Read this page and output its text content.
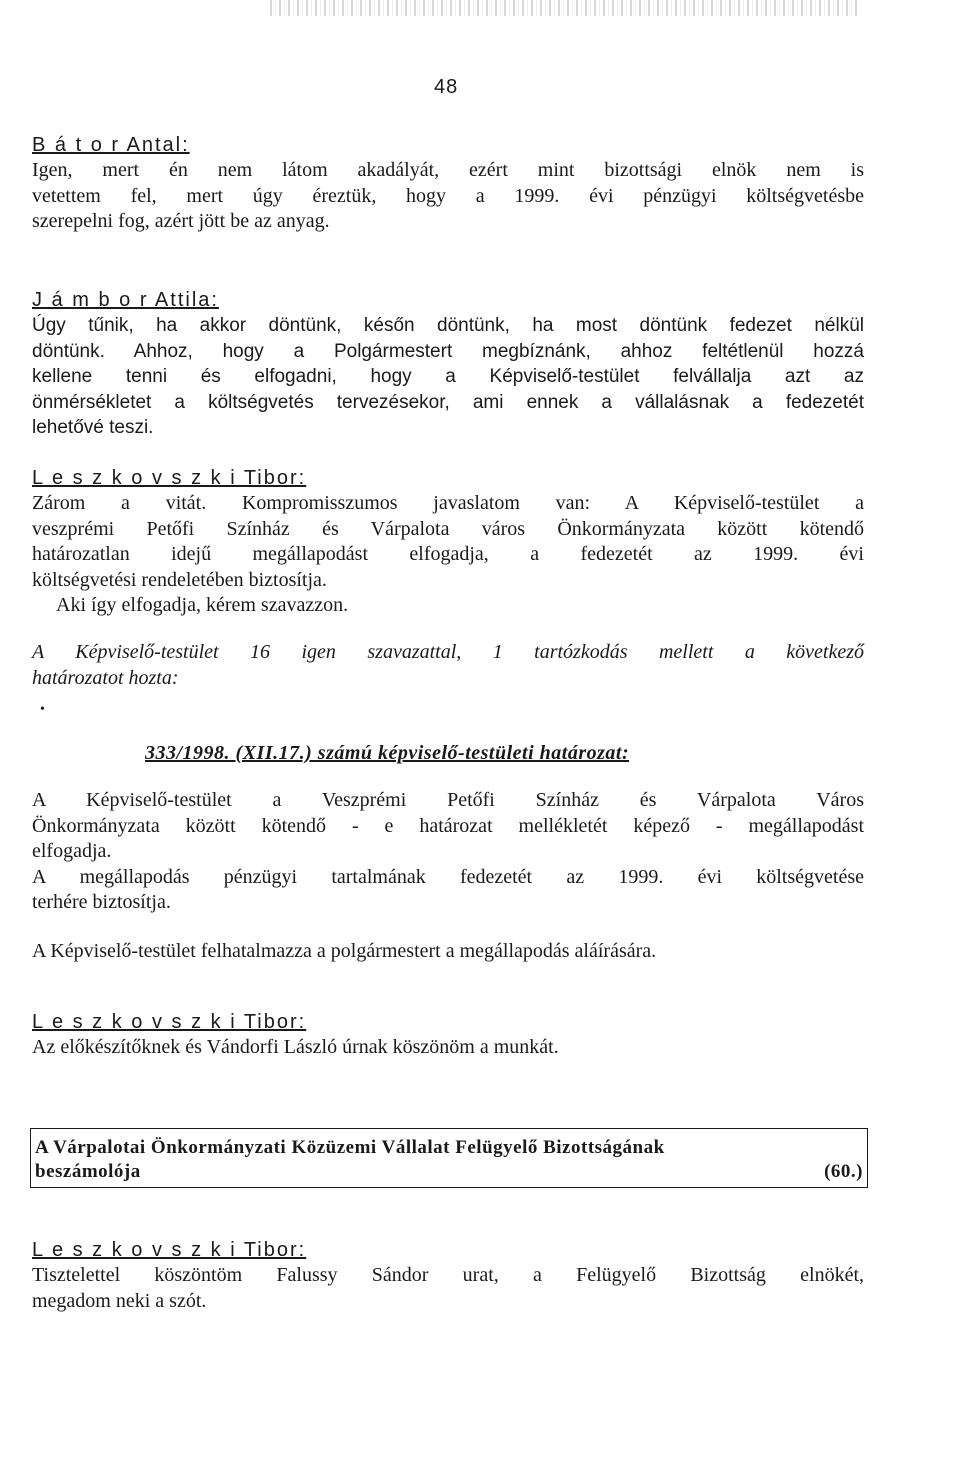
48
B á t o r Antal:

Igen, mert én nem látom akadályát, ezért mint bizottsági elnök nem is

vetettem fel, mert úgy éreztük, hogy a 1999. évi pénzügyi költségvetésbe

szerepelni fog, azért jött be az anyag.

J á m b o r Attila:

Úgy tűnik, ha akkor döntünk, későn döntünk, ha most döntünk fedezet nélkül

döntünk. Ahhoz, hogy a Polgármestert megbíznánk, ahhoz feltétlenül hozzá

kellene tenni és elfogadni, hogy a Képviselő-testület felvállalja azt az

önmérsékletet a költségvetés tervezésekor, ami ennek a vállalásnak a fedezetét

lehetővé teszi.

L e s z k o v s z k i Tibor:

Zárom a vitát. Kompromisszumos javaslatom van: A Képviselő-testület a

veszprémi Petőfi Színház és Várpalota város Önkormányzata között kötendő

határozatlan idejű megállapodást elfogadja, a fedezetét az 1999. évi

költségvetési rendeletében biztosítja.

Aki így elfogadja, kérem szavazzon.

A Képviselő-testület 16 igen szavazattal, 1 tartózkodás mellett a következő

határozatot hozta:

•
333/1998. (XII.17.) számú képviselő-testületi határozat:

A Képviselő-testület a Veszprémi Petőfi Színház és Várpalota Város

Önkormányzata között kötendő - e határozat mellékletét képező - megállapodást

elfogadja.

A megállapodás pénzügyi tartalmának fedezetét az 1999. évi költségvetése

terhére biztosítja.

A Képviselő-testület felhatalmazza a polgármestert a megállapodás aláírására.

L e s z k o v s z k i Tibor:

Az előkészítőknek és Vándorfi László úrnak köszönöm a munkát.

A Várpalotai Önkormányzati Közüzemi Vállalat Felügyelő Bizottságának
beszámolója	(60.)
L e s z k o v s z k i Tibor:

Tisztelettel köszöntöm Falussy Sándor urat, a Felügyelő Bizottság elnökét,

megadom neki a szót.
